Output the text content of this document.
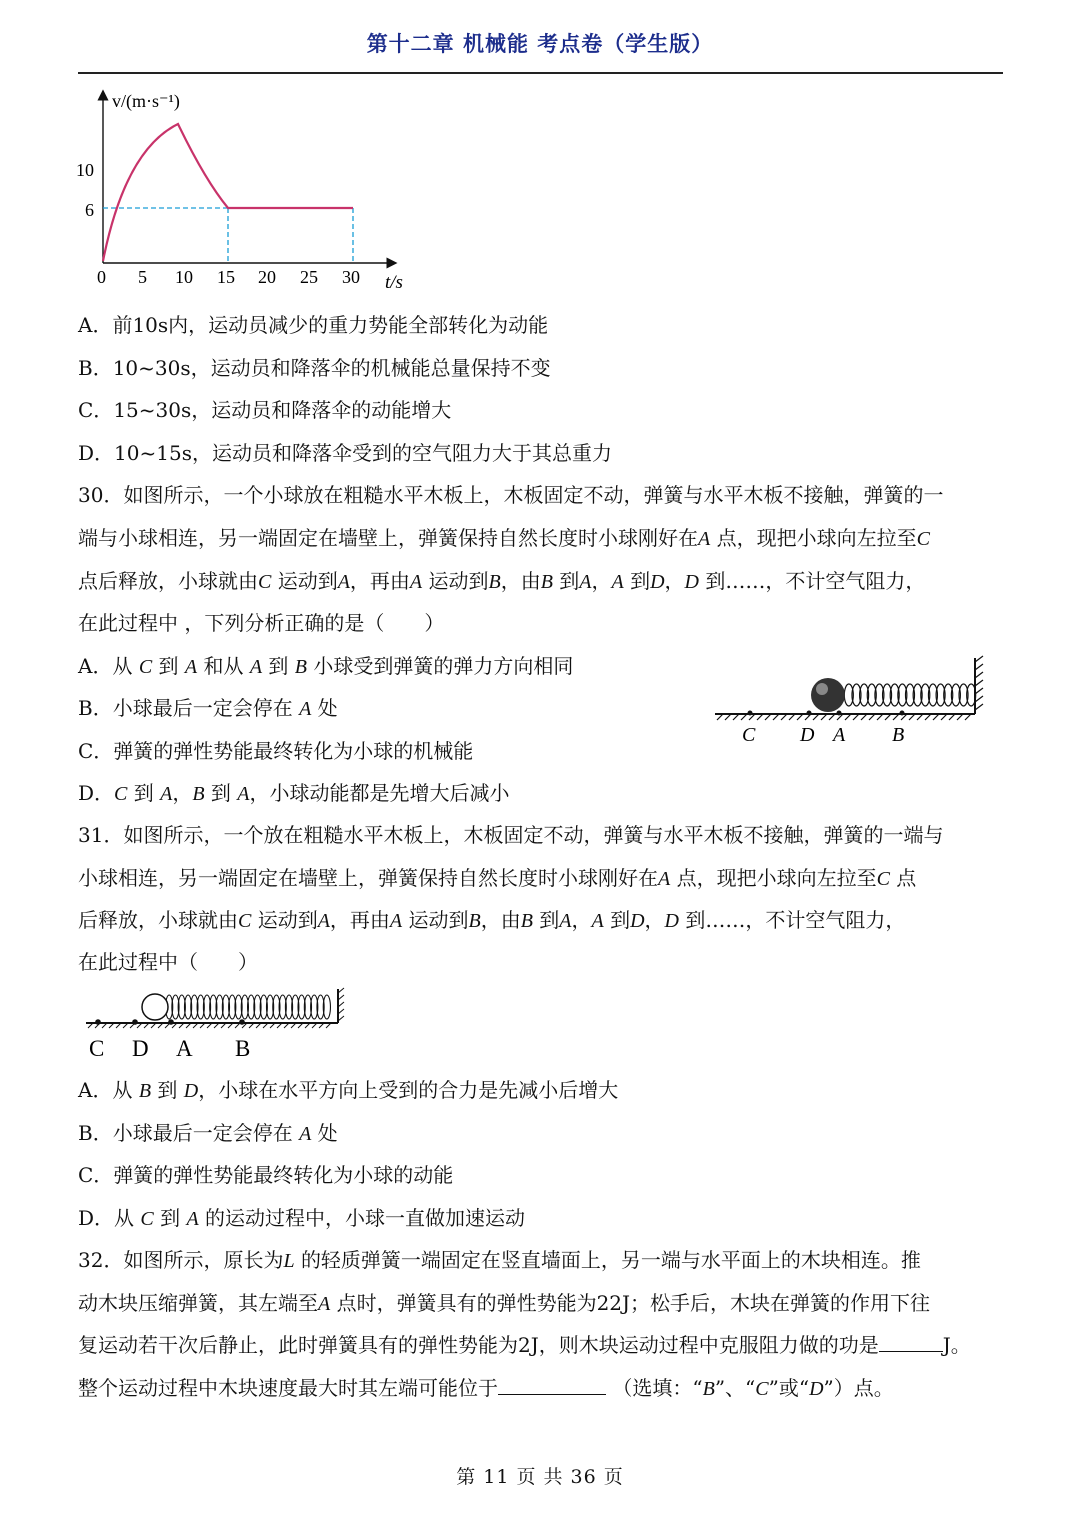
第十二章 机械能 考点卷（学生版）
v/(m·s⁻¹)
t/s
10
6
0 5 10 15 20 25 30
A．前10s内，运动员减少的重力势能全部转化为动能
B．10~30s，运动员和降落伞的机械能总量保持不变
C．15~30s，运动员和降落伞的动能增大
D．10~15s，运动员和降落伞受到的空气阻力大于其总重力
30．如图所示，一个小球放在粗糙水平木板上，木板固定不动，弹簧与水平木板不接触，弹簧的一
端与小球相连，另一端固定在墙壁上，弹簧保持自然长度时小球刚好在A 点，现把小球向左拉至C
点后释放，小球就由C 运动到A，再由A 运动到B，由B 到A，A 到D，D 到……，不计空气阻力，
在此过程中 ，下列分析正确的是（　　）
A．从 C 到 A 和从 A 到 B 小球受到弹簧的弹力方向相同
B．小球最后一定会停在 A 处
C．弹簧的弹性势能最终转化为小球的机械能
D．C 到 A，B 到 A，小球动能都是先增大后减小
C D A B
31．如图所示，一个放在粗糙水平木板上，木板固定不动，弹簧与水平木板不接触，弹簧的一端与
小球相连，另一端固定在墙壁上，弹簧保持自然长度时小球刚好在A 点，现把小球向左拉至C 点
后释放，小球就由C 运动到A，再由A 运动到B，由B 到A，A 到D，D 到……，不计空气阻力，
在此过程中（　　）
C D A B
A．从 B 到 D，小球在水平方向上受到的合力是先减小后增大
B．小球最后一定会停在 A 处
C．弹簧的弹性势能最终转化为小球的动能
D．从 C 到 A 的运动过程中，小球一直做加速运动
32．如图所示，原长为L 的轻质弹簧一端固定在竖直墙面上，另一端与水平面上的木块相连。推
动木块压缩弹簧，其左端至A 点时，弹簧具有的弹性势能为22J；松手后，木块在弹簧的作用下往
复运动若干次后静止，此时弹簧具有的弹性势能为2J，则木块运动过程中克服阻力做的功是	J。
整个运动过程中木块速度最大时其左端可能位于	（选填：“B”、“C”或“D”）点。
第 11 页 共 36 页
